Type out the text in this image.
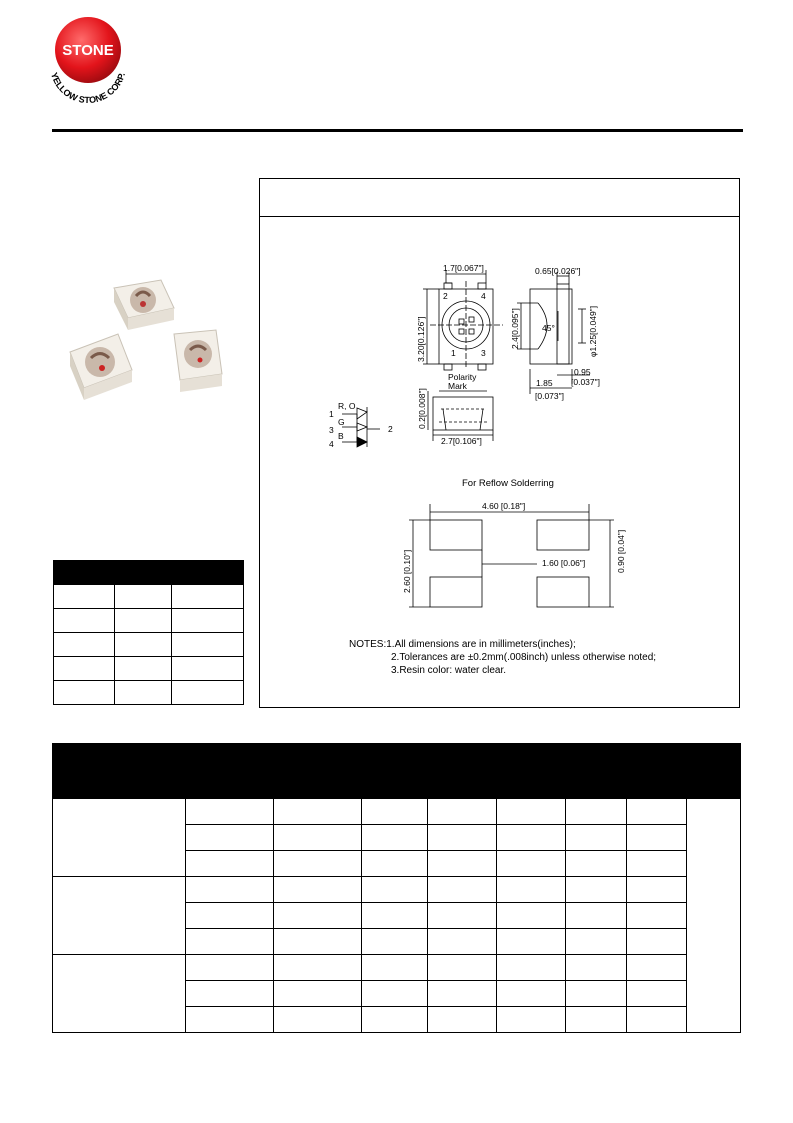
STONE
YELLOW STONE CORP.
1.7[0.067"]	0.65[0.026"]
3.20[0.126"]	2.4[0.095"]	φ1.25[0.049"]
45°
0.95
[0.037"]
1.85
[0.073"]
2	4
1	3
Polarity
Mark
0.2[0.008"]
2.7[0.106"]
R, O
G
B
1
3
4
2
For Reflow Solderring
4.60 [0.18"]
2.60 [0.10"]	1.60 [0.06"]	0.90 [0.04"]
NOTES:1.All dimensions are in millimeters(inches);
2.Tolerances are ±0.2mm(.008inch) unless otherwise noted;
3.Resin color: water clear.
